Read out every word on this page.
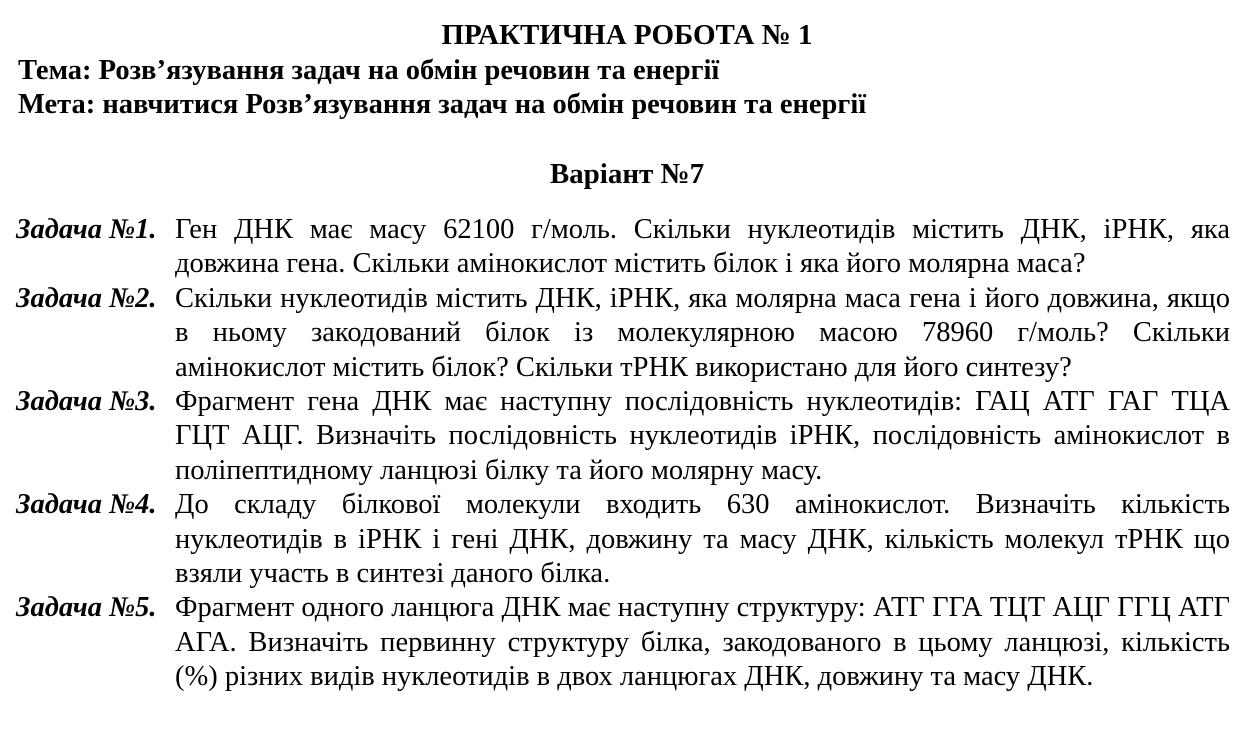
ПРАКТИЧНА РОБОТА № 1
Тема: Розв’язування задач на обмін речовин та енергії
Мета: навчитися Розв’язування задач на обмін речовин та енергії
Варіант №7
Задача №1. Ген ДНК має масу 62100 г/моль. Скільки нуклеотидів містить ДНК, іРНК, яка довжина гена. Скільки амінокислот містить білок і яка його молярна маса?
Задача №2. Скільки нуклеотидів містить ДНК, іРНК, яка молярна маса гена і його довжина, якщо в ньому закодований білок із молекулярною масою 78960 г/моль? Скільки амінокислот містить білок? Скільки тРНК використано для його синтезу?
Задача №3. Фрагмент гена ДНК має наступну послідовність нуклеотидів: ГАЦ АТГ ГАГ ТЦА ГЦТ АЦГ. Визначіть послідовність нуклеотидів іРНК, послідовність амінокислот в поліпептидному ланцюзі білку та його молярну масу.
Задача №4. До складу білкової молекули входить 630 амінокислот. Визначіть кількість нуклеотидів в іРНК і гені ДНК, довжину та масу ДНК, кількість молекул тРНК що взяли участь в синтезі даного білка.
Задача №5. Фрагмент одного ланцюга ДНК має наступну структуру: АТГ ГГА ТЦТ АЦГ ГГЦ АТГ АГА. Визначіть первинну структуру білка, закодованого в цьому ланцюзі, кількість (%) різних видів нуклеотидів в двох ланцюгах ДНК, довжину та масу ДНК.
